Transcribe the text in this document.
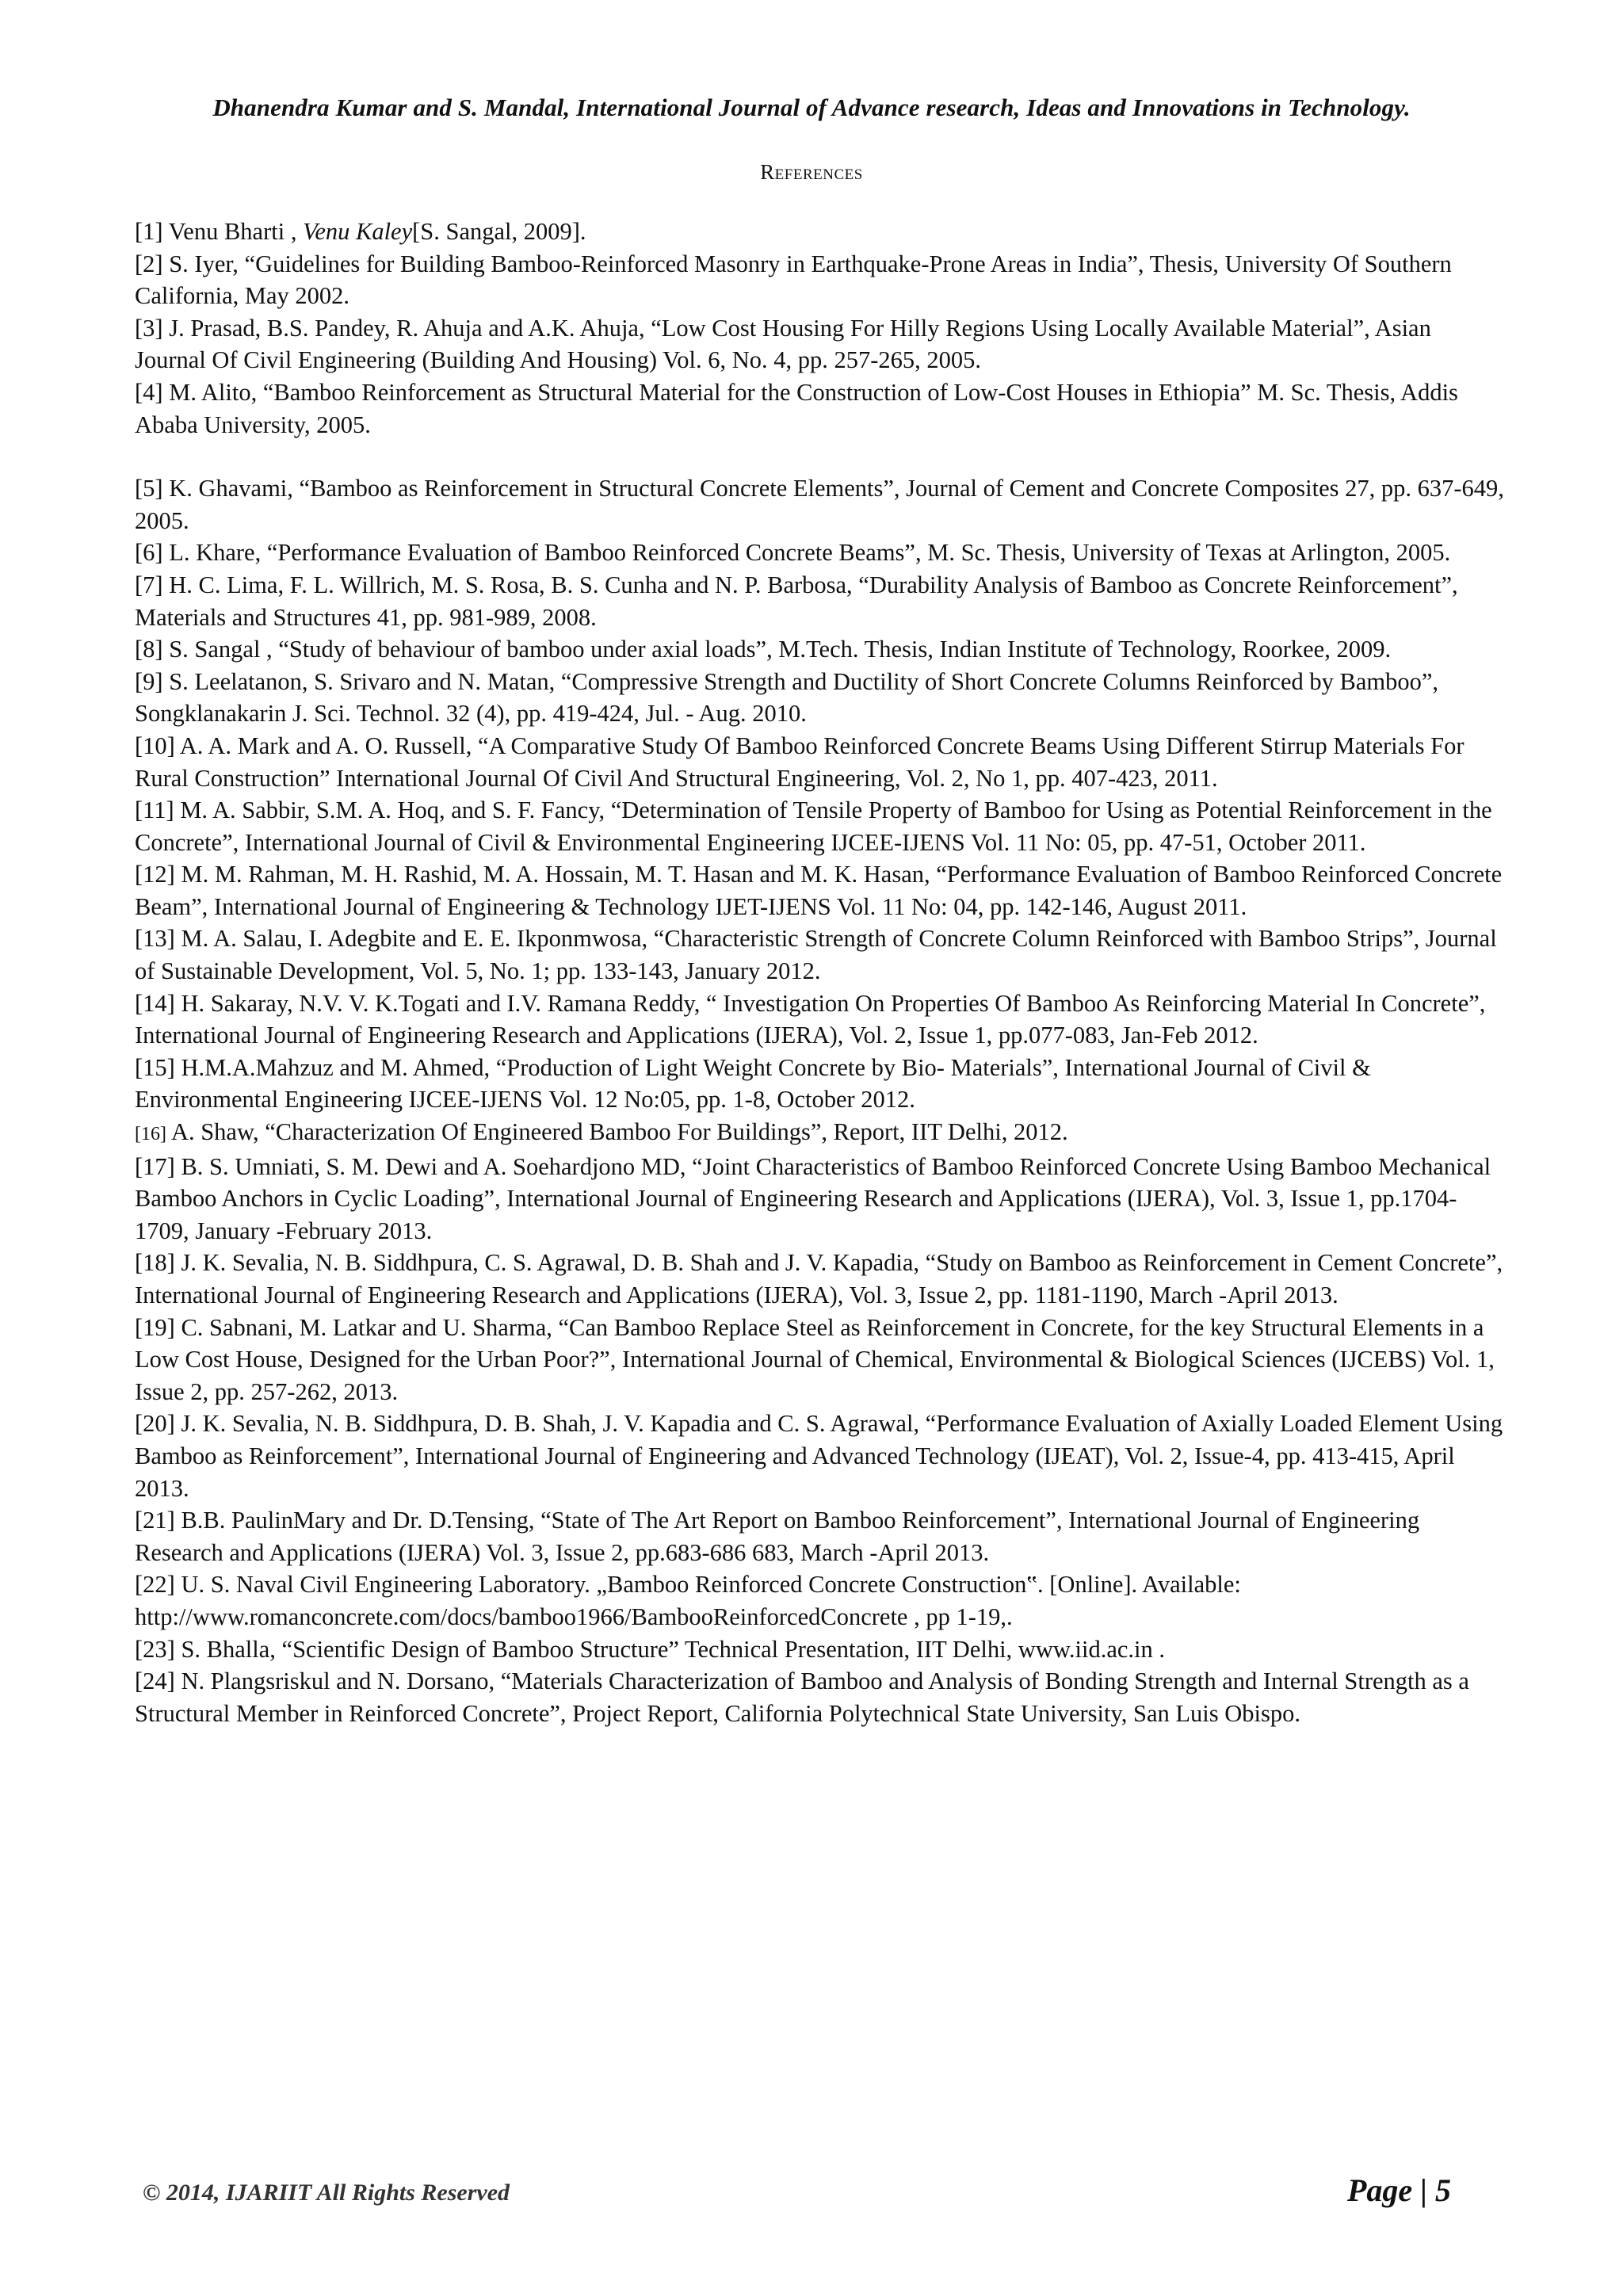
Dhanendra Kumar and S. Mandal, International Journal of Advance research, Ideas and Innovations in Technology.
References
[1] Venu Bharti , Venu Kaley[S. Sangal, 2009].
[2] S. Iyer, “Guidelines for Building Bamboo-Reinforced Masonry in Earthquake-Prone Areas in India”, Thesis, University Of Southern California, May 2002.
[3] J. Prasad, B.S. Pandey, R. Ahuja and A.K. Ahuja, “Low Cost Housing For Hilly Regions Using Locally Available Material”, Asian Journal Of Civil Engineering (Building And Housing) Vol. 6, No. 4, pp. 257-265, 2005.
[4] M. Alito, “Bamboo Reinforcement as Structural Material for the Construction of Low-Cost Houses in Ethiopia” M. Sc. Thesis, Addis Ababa University, 2005.
[5] K. Ghavami, “Bamboo as Reinforcement in Structural Concrete Elements”, Journal of Cement and Concrete Composites 27, pp. 637-649, 2005.
[6] L. Khare, “Performance Evaluation of Bamboo Reinforced Concrete Beams”, M. Sc. Thesis, University of Texas at Arlington, 2005.
[7] H. C. Lima, F. L. Willrich, M. S. Rosa, B. S. Cunha and N. P. Barbosa, “Durability Analysis of Bamboo as Concrete Reinforcement”, Materials and Structures 41, pp. 981-989, 2008.
[8] S. Sangal , “Study of behaviour of bamboo under axial loads”, M.Tech. Thesis, Indian Institute of Technology, Roorkee, 2009.
[9] S. Leelatanon, S. Srivaro and N. Matan, “Compressive Strength and Ductility of Short Concrete Columns Reinforced by Bamboo”, Songklanakarin J. Sci. Technol. 32 (4), pp. 419-424, Jul. - Aug. 2010.
[10] A. A. Mark and A. O. Russell, “A Comparative Study Of Bamboo Reinforced Concrete Beams Using Different Stirrup Materials For Rural Construction” International Journal Of Civil And Structural Engineering, Vol. 2, No 1, pp. 407-423, 2011.
[11] M. A. Sabbir, S.M. A. Hoq, and S. F. Fancy, “Determination of Tensile Property of Bamboo for Using as Potential Reinforcement in the Concrete”, International Journal of Civil & Environmental Engineering IJCEE-IJENS Vol. 11 No: 05, pp. 47-51, October 2011.
[12] M. M. Rahman, M. H. Rashid, M. A. Hossain, M. T. Hasan and M. K. Hasan, “Performance Evaluation of Bamboo Reinforced Concrete Beam”, International Journal of Engineering & Technology IJET-IJENS Vol. 11 No: 04, pp. 142-146, August 2011.
[13] M. A. Salau, I. Adegbite and E. E. Ikponmwosa, “Characteristic Strength of Concrete Column Reinforced with Bamboo Strips”, Journal of Sustainable Development, Vol. 5, No. 1; pp. 133-143, January 2012.
[14] H. Sakaray, N.V. V. K.Togati and I.V. Ramana Reddy, “ Investigation On Properties Of Bamboo As Reinforcing Material In Concrete”, International Journal of Engineering Research and Applications (IJERA), Vol. 2, Issue 1, pp.077-083, Jan-Feb 2012.
[15] H.M.A.Mahzuz and M. Ahmed, “Production of Light Weight Concrete by Bio- Materials”, International Journal of Civil & Environmental Engineering IJCEE-IJENS Vol. 12 No:05, pp. 1-8, October 2012.
[16] A. Shaw, “Characterization Of Engineered Bamboo For Buildings”, Report, IIT Delhi, 2012.
[17] B. S. Umniati, S. M. Dewi and A. Soehardjono MD, “Joint Characteristics of Bamboo Reinforced Concrete Using Bamboo Mechanical Bamboo Anchors in Cyclic Loading”, International Journal of Engineering Research and Applications (IJERA), Vol. 3, Issue 1, pp.1704-1709, January -February 2013.
[18] J. K. Sevalia, N. B. Siddhpura, C. S. Agrawal, D. B. Shah and J. V. Kapadia, “Study on Bamboo as Reinforcement in Cement Concrete”, International Journal of Engineering Research and Applications (IJERA), Vol. 3, Issue 2, pp. 1181-1190, March -April 2013.
[19] C. Sabnani, M. Latkar and U. Sharma, “Can Bamboo Replace Steel as Reinforcement in Concrete, for the key Structural Elements in a Low Cost House, Designed for the Urban Poor?”, International Journal of Chemical, Environmental & Biological Sciences (IJCEBS) Vol. 1, Issue 2, pp. 257-262, 2013.
[20] J. K. Sevalia, N. B. Siddhpura, D. B. Shah, J. V. Kapadia and C. S. Agrawal, “Performance Evaluation of Axially Loaded Element Using Bamboo as Reinforcement”, International Journal of Engineering and Advanced Technology (IJEAT), Vol. 2, Issue-4, pp. 413-415, April 2013.
[21] B.B. PaulinMary and Dr. D.Tensing, “State of The Art Report on Bamboo Reinforcement”, International Journal of Engineering Research and Applications (IJERA) Vol. 3, Issue 2, pp.683-686 683, March -April 2013.
[22] U. S. Naval Civil Engineering Laboratory. „Bamboo Reinforced Concrete Construction‟. [Online]. Available: http://www.romanconcrete.com/docs/bamboo1966/BambooReinforcedConcrete , pp 1-19,.
[23] S. Bhalla, “Scientific Design of Bamboo Structure” Technical Presentation, IIT Delhi, www.iid.ac.in .
[24] N. Plangsriskul and N. Dorsano, “Materials Characterization of Bamboo and Analysis of Bonding Strength and Internal Strength as a Structural Member in Reinforced Concrete”, Project Report, California Polytechnical State University, San Luis Obispo.
© 2014, IJARIIT All Rights Reserved	Page | 5
